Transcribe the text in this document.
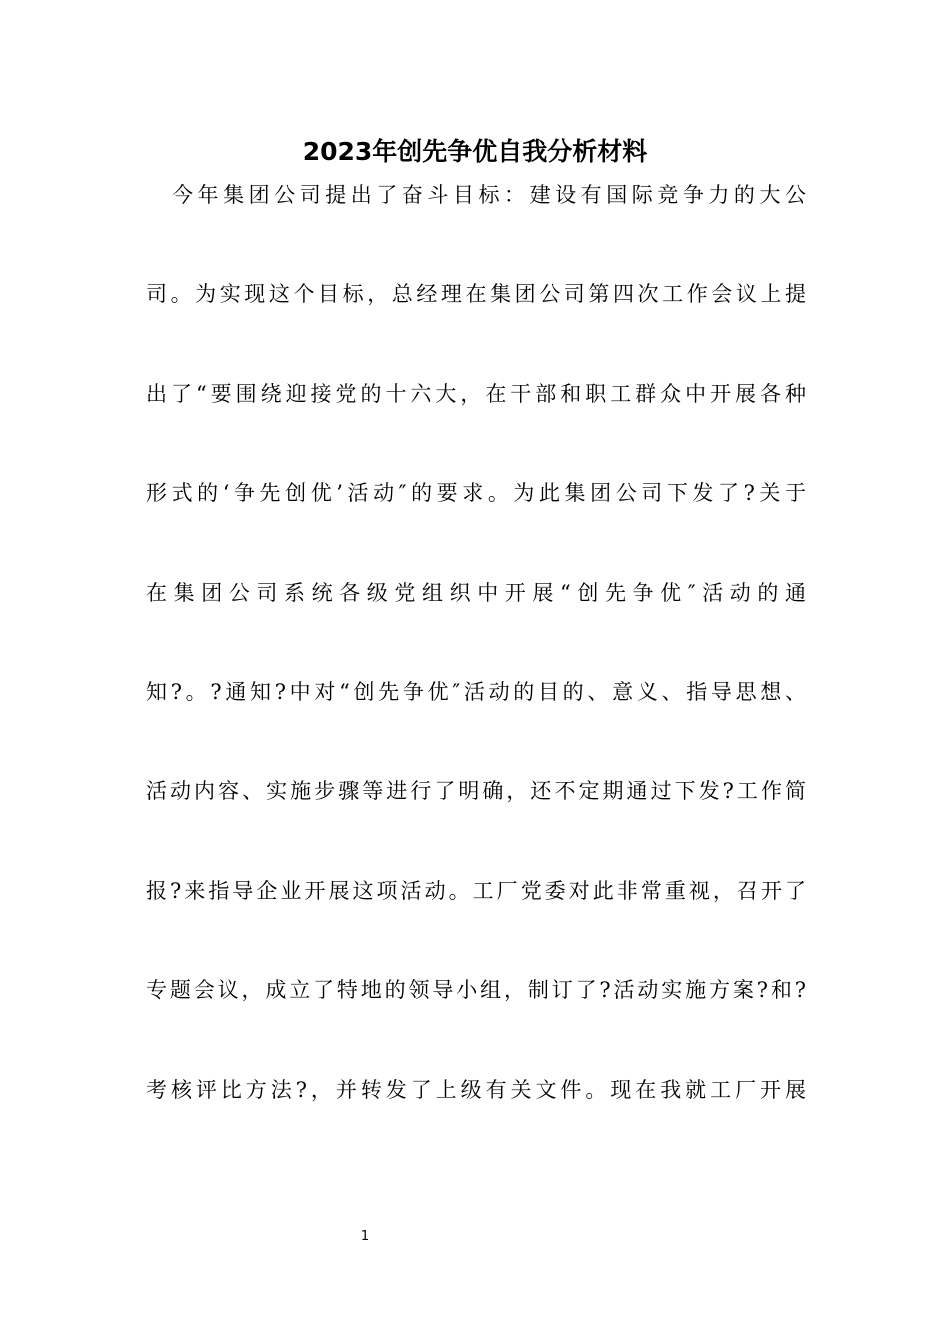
2023年创先争优自我分析材料
今年集团公司提出了奋斗目标：建设有国际竞争力的大公
司。为实现这个目标，总经理在集团公司第四次工作会议上提
出了“要围绕迎接党的十六大，在干部和职工群众中开展各种
形式的‘争先创优’活动″的要求。为此集团公司下发了?关于
在集团公司系统各级党组织中开展“创先争优″活动的通
知?。?通知?中对“创先争优″活动的目的、意义、指导思想、
活动内容、实施步骤等进行了明确，还不定期通过下发?工作简
报?来指导企业开展这项活动。工厂党委对此非常重视，召开了
专题会议，成立了特地的领导小组，制订了?活动实施方案?和?
考核评比方法?，并转发了上级有关文件。现在我就工厂开展
1
